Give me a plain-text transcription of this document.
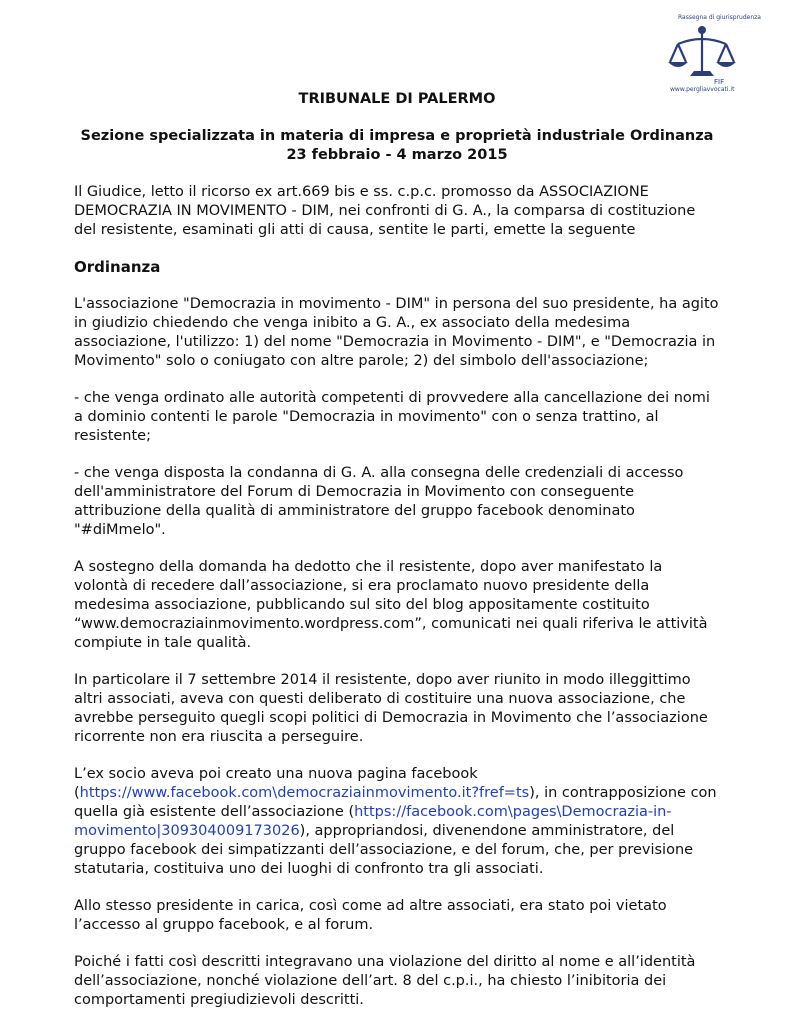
Rassegna di giurisprudenza
FIF
www.pergliavvocati.it
TRIBUNALE DI PALERMO
Sezione specializzata in materia di impresa e proprietà industriale Ordinanza 23 febbraio - 4 marzo 2015

Il Giudice, letto il ricorso ex art.669 bis e ss. c.p.c. promosso da ASSOCIAZIONE DEMOCRAZIA IN MOVIMENTO - DIM, nei confronti di G. A., la comparsa di costituzione del resistente, esaminati gli atti di causa, sentite le parti, emette la seguente

Ordinanza

L'associazione "Democrazia in movimento - DIM" in persona del suo presidente, ha agito in giudizio chiedendo che venga inibito a G. A., ex associato della medesima associazione, l'utilizzo: 1) del nome "Democrazia in Movimento - DIM", e "Democrazia in Movimento" solo o coniugato con altre parole; 2) del simbolo dell'associazione;

- che venga ordinato alle autorità competenti di provvedere alla cancellazione dei nomi a dominio contenti le parole "Democrazia in movimento" con o senza trattino, al resistente;

- che venga disposta la condanna di G. A. alla consegna delle credenziali di accesso dell'amministratore del Forum di Democrazia in Movimento con conseguente attribuzione della qualità di amministratore del gruppo facebook denominato "#diMmelo".

A sostegno della domanda ha dedotto che il resistente, dopo aver manifestato la volontà di recedere dall’associazione, si era proclamato nuovo presidente della medesima associazione, pubblicando sul sito del blog appositamente costituito “www.democraziainmovimento.wordpress.com”, comunicati nei quali riferiva le attività compiute in tale qualità.

In particolare il 7 settembre 2014 il resistente, dopo aver riunito in modo illeggittimo altri associati, aveva con questi deliberato di costituire una nuova associazione, che avrebbe perseguito quegli scopi politici di Democrazia in Movimento che l’associazione ricorrente non era riuscita a perseguire.

L’ex socio aveva poi creato una nuova pagina facebook (https://www.facebook.com\democraziainmovimento.it?fref=ts), in contrapposizione con quella già esistente dell’associazione (https://facebook.com\pages\Democrazia-in-movimento|309304009173026), appropriandosi, divenendone amministratore, del gruppo facebook dei simpatizzanti dell’associazione, e del forum, che, per previsione statutaria, costituiva uno dei luoghi di confronto tra gli associati.

Allo stesso presidente in carica, così come ad altre associati, era stato poi vietato l’accesso al gruppo facebook, e al forum.

Poiché i fatti così descritti integravano una violazione del diritto al nome e all’identità dell’associazione, nonché violazione dell’art. 8 del c.p.i., ha chiesto l’inibitoria dei comportamenti pregiudizievoli descritti.
